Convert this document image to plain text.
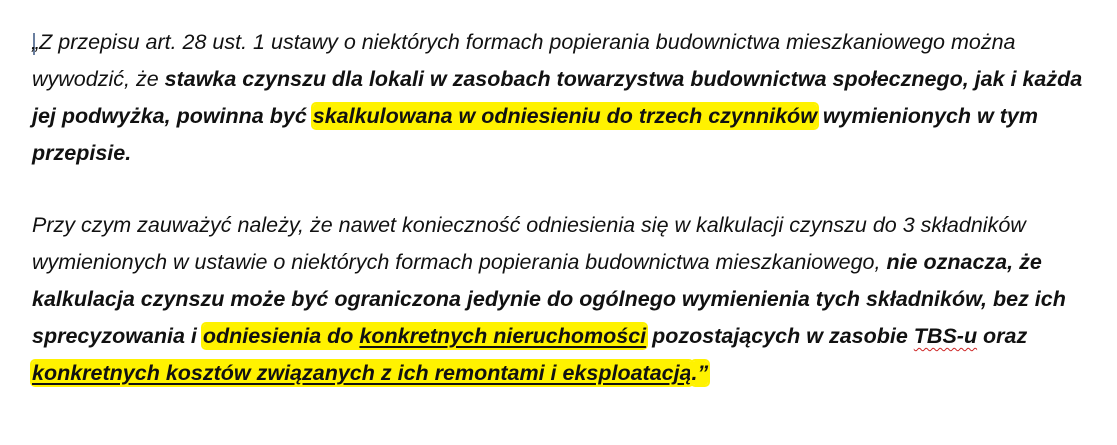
„Z przepisu art. 28 ust. 1 ustawy o niektórych formach popierania budownictwa mieszkaniowego można wywodzić, że stawka czynszu dla lokali w zasobach towarzystwa budownictwa społecznego, jak i każda jej podwyżka, powinna być skalkulowana w odniesieniu do trzech czynników wymienionych w tym przepisie.

Przy czym zauważyć należy, że nawet konieczność odniesienia się w kalkulacji czynszu do 3 składników wymienionych w ustawie o niektórych formach popierania budownictwa mieszkaniowego, nie oznacza, że kalkulacja czynszu może być ograniczona jedynie do ogólnego wymienienia tych składników, bez ich sprecyzowania i odniesienia do konkretnych nieruchomości pozostających w zasobie TBS-u oraz konkretnych kosztów związanych z ich remontami i eksploatacją.”
